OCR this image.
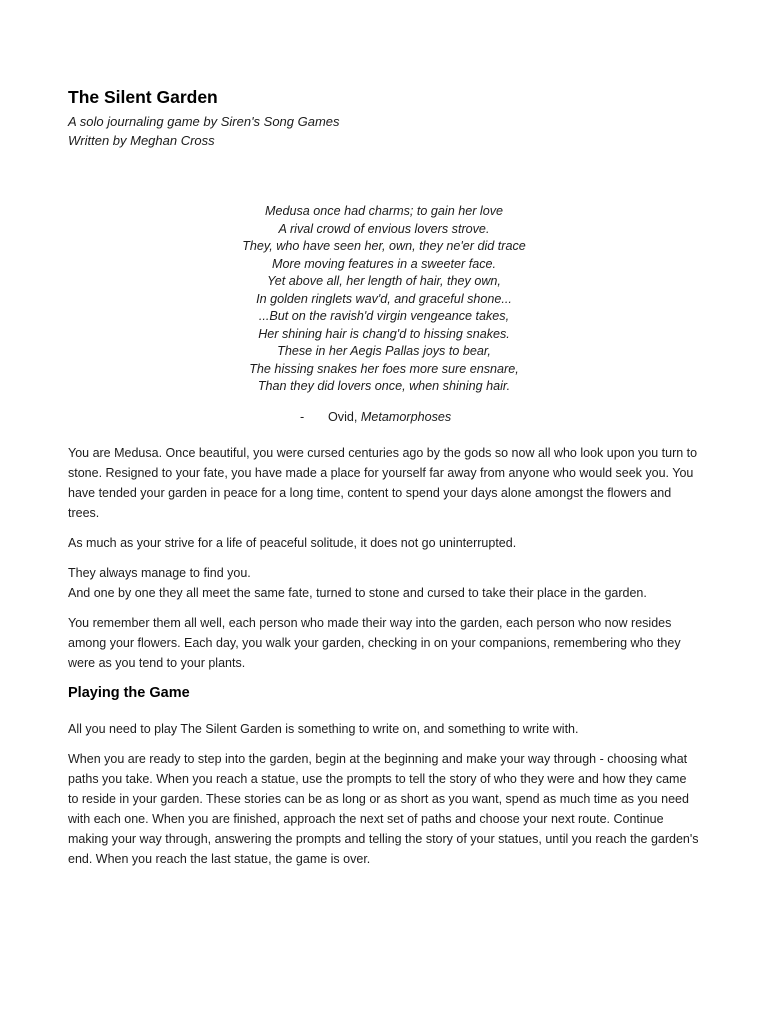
The Silent Garden
A solo journaling game by Siren's Song Games
Written by Meghan Cross
Medusa once had charms; to gain her love
A rival crowd of envious lovers strove.
They, who have seen her, own, they ne'er did trace
More moving features in a sweeter face.
Yet above all, her length of hair, they own,
In golden ringlets wav'd, and graceful shone...
...But on the ravish'd virgin vengeance takes,
Her shining hair is chang'd to hissing snakes.
These in her Aegis Pallas joys to bear,
The hissing snakes her foes more sure ensnare,
Than they did lovers once, when shining hair.
- Ovid, Metamorphoses

You are Medusa. Once beautiful, you were cursed centuries ago by the gods so now all who look upon you turn to stone. Resigned to your fate, you have made a place for yourself far away from anyone who would seek you. You have tended your garden in peace for a long time, content to spend your days alone amongst the flowers and trees.

As much as your strive for a life of peaceful solitude, it does not go uninterrupted.

They always manage to find you.
And one by one they all meet the same fate, turned to stone and cursed to take their place in the garden.

You remember them all well, each person who made their way into the garden, each person who now resides among your flowers. Each day, you walk your garden, checking in on your companions, remembering who they were as you tend to your plants.

Playing the Game

All you need to play The Silent Garden is something to write on, and something to write with.

When you are ready to step into the garden, begin at the beginning and make your way through - choosing what paths you take. When you reach a statue, use the prompts to tell the story of who they were and how they came to reside in your garden. These stories can be as long or as short as you want, spend as much time as you need with each one. When you are finished, approach the next set of paths and choose your next route. Continue making your way through, answering the prompts and telling the story of your statues, until you reach the garden's end. When you reach the last statue, the game is over.
